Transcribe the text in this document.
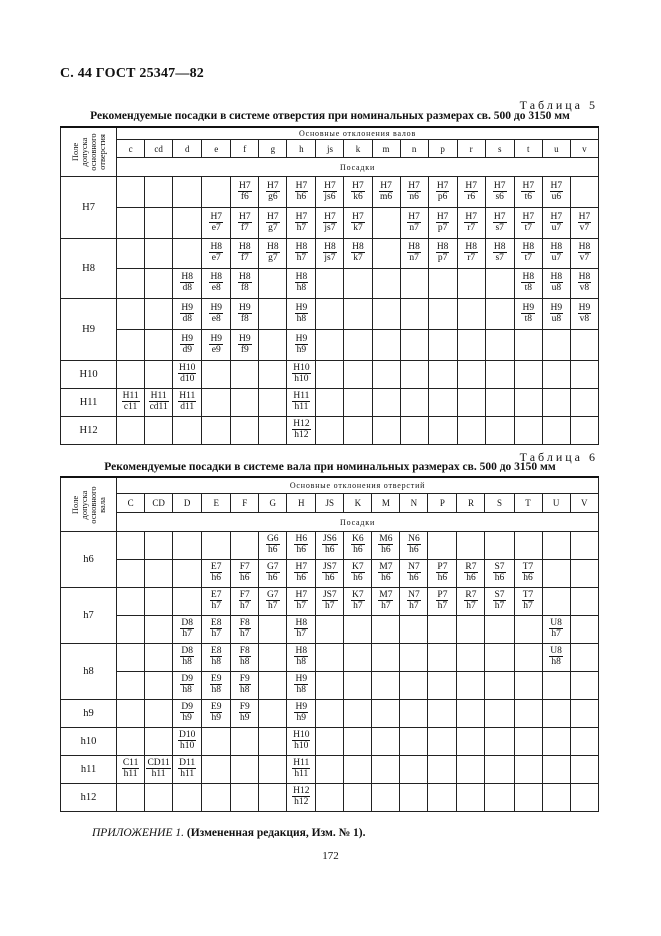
С. 44 ГОСТ 25347—82
Таблица 5
Рекомендуемые посадки в системе отверстия при номинальных размерах св. 500 до 3150 мм
Поле допуска основного отверстия	Основные отклонения валов																
	c	cd	d	e	f	g	h	js	k	m	n	p	r	s	t	u	v
	Посадки																
H7					$\frac{H7}{f6}$	$\frac{H7}{g6}$	$\frac{H7}{h6}$	$\frac{H7}{js6}$	$\frac{H7}{k6}$	$\frac{H7}{m6}$	$\frac{H7}{n6}$	$\frac{H7}{p6}$	$\frac{H7}{r6}$	$\frac{H7}{s6}$	$\frac{H7}{t6}$	$\frac{H7}{u6}$

				$\frac{H7}{e7}$	$\frac{H7}{f7}$	$\frac{H7}{g7}$	$\frac{H7}{h7}$	$\frac{H7}{js7}$	$\frac{H7}{k7}$		$\frac{H7}{n7}$	$\frac{H7}{p7}$	$\frac{H7}{r7}$	$\frac{H7}{s7}$	$\frac{H7}{t7}$	$\frac{H7}{u7}$	$\frac{H7}{v7}$

H8				$\frac{H8}{e7}$	$\frac{H8}{f7}$	$\frac{H8}{g7}$	$\frac{H8}{h7}$	$\frac{H8}{js7}$	$\frac{H8}{k7}$		$\frac{H8}{n7}$	$\frac{H8}{p7}$	$\frac{H8}{r7}$	$\frac{H8}{s7}$	$\frac{H8}{t7}$	$\frac{H8}{u7}$	$\frac{H8}{v7}$

			$\frac{H8}{d8}$	$\frac{H8}{e8}$	$\frac{H8}{f8}$		$\frac{H8}{h8}$								$\frac{H8}{t8}$	$\frac{H8}{u8}$	$\frac{H8}{v8}$

H9			$\frac{H9}{d8}$	$\frac{H9}{e8}$	$\frac{H9}{f8}$		$\frac{H9}{h8}$								$\frac{H9}{t8}$	$\frac{H9}{u8}$	$\frac{H9}{v8}$

			$\frac{H9}{d9}$	$\frac{H9}{e9}$	$\frac{H9}{f9}$		$\frac{H9}{h9}$

H10			$\frac{H10}{d10}$				$\frac{H10}{h10}$

H11	$\frac{H11}{c11}$	$\frac{H11}{cd11}$	$\frac{H11}{d11}$				$\frac{H11}{h11}$

H12							$\frac{H12}{h12}$

Таблица 6
Рекомендуемые посадки в системе вала при номинальных размерах св. 500 до 3150 мм
Поле допуска основного вала	Основные отклонения отверстий																
	C	CD	D	E	F	G	H	JS	K	M	N	P	R	S	T	U	V
	Посадки																
h6						$\frac{G6}{h6}$	$\frac{H6}{h6}$	$\frac{JS6}{h6}$	$\frac{K6}{h6}$	$\frac{M6}{h6}$	$\frac{N6}{h6}$

				$\frac{E7}{h6}$	$\frac{F7}{h6}$	$\frac{G7}{h6}$	$\frac{H7}{h6}$	$\frac{JS7}{h6}$	$\frac{K7}{h6}$	$\frac{M7}{h6}$	$\frac{N7}{h6}$	$\frac{P7}{h6}$	$\frac{R7}{h6}$	$\frac{S7}{h6}$	$\frac{T7}{h6}$

h7				$\frac{E7}{h7}$	$\frac{F7}{h7}$	$\frac{G7}{h7}$	$\frac{H7}{h7}$	$\frac{JS7}{h7}$	$\frac{K7}{h7}$	$\frac{M7}{h7}$	$\frac{N7}{h7}$	$\frac{P7}{h7}$	$\frac{R7}{h7}$	$\frac{S7}{h7}$	$\frac{T7}{h7}$

			$\frac{D8}{h7}$	$\frac{E8}{h7}$	$\frac{F8}{h7}$		$\frac{H8}{h7}$									$\frac{U8}{h7}$

h8			$\frac{D8}{h8}$	$\frac{E8}{h8}$	$\frac{F8}{h8}$		$\frac{H8}{h8}$									$\frac{U8}{h8}$

			$\frac{D9}{h8}$	$\frac{E9}{h8}$	$\frac{F9}{h8}$		$\frac{H9}{h8}$

h9			$\frac{D9}{h9}$	$\frac{E9}{h9}$	$\frac{F9}{h9}$		$\frac{H9}{h9}$

h10			$\frac{D10}{h10}$				$\frac{H10}{h10}$

h11	$\frac{C11}{h11}$	$\frac{CD11}{h11}$	$\frac{D11}{h11}$				$\frac{H11}{h11}$

h12							$\frac{H12}{h12}$

ПРИЛОЖЕНИЕ 1. (Измененная редакция, Изм. № 1).
172
